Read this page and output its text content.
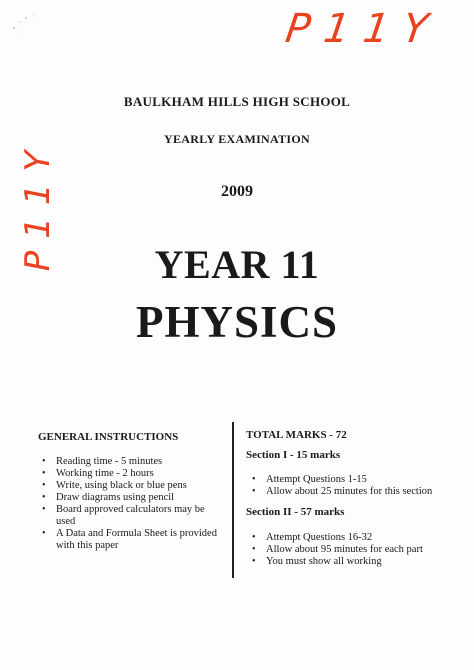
P11Y
P11Y
BAULKHAM HILLS HIGH SCHOOL
YEARLY EXAMINATION
2009
YEAR 11
PHYSICS
GENERAL INSTRUCTIONS
• Reading time - 5 minutes
• Working time - 2 hours
• Write, using black or blue pens
• Draw diagrams using pencil
• Board approved calculators may be used
• A Data and Formula Sheet is provided with this paper
TOTAL MARKS - 72
Section I - 15 marks
• Attempt Questions 1-15
• Allow about 25 minutes for this section
Section II - 57 marks
• Attempt Questions 16-32
• Allow about 95 minutes for each part
• You must show all working
